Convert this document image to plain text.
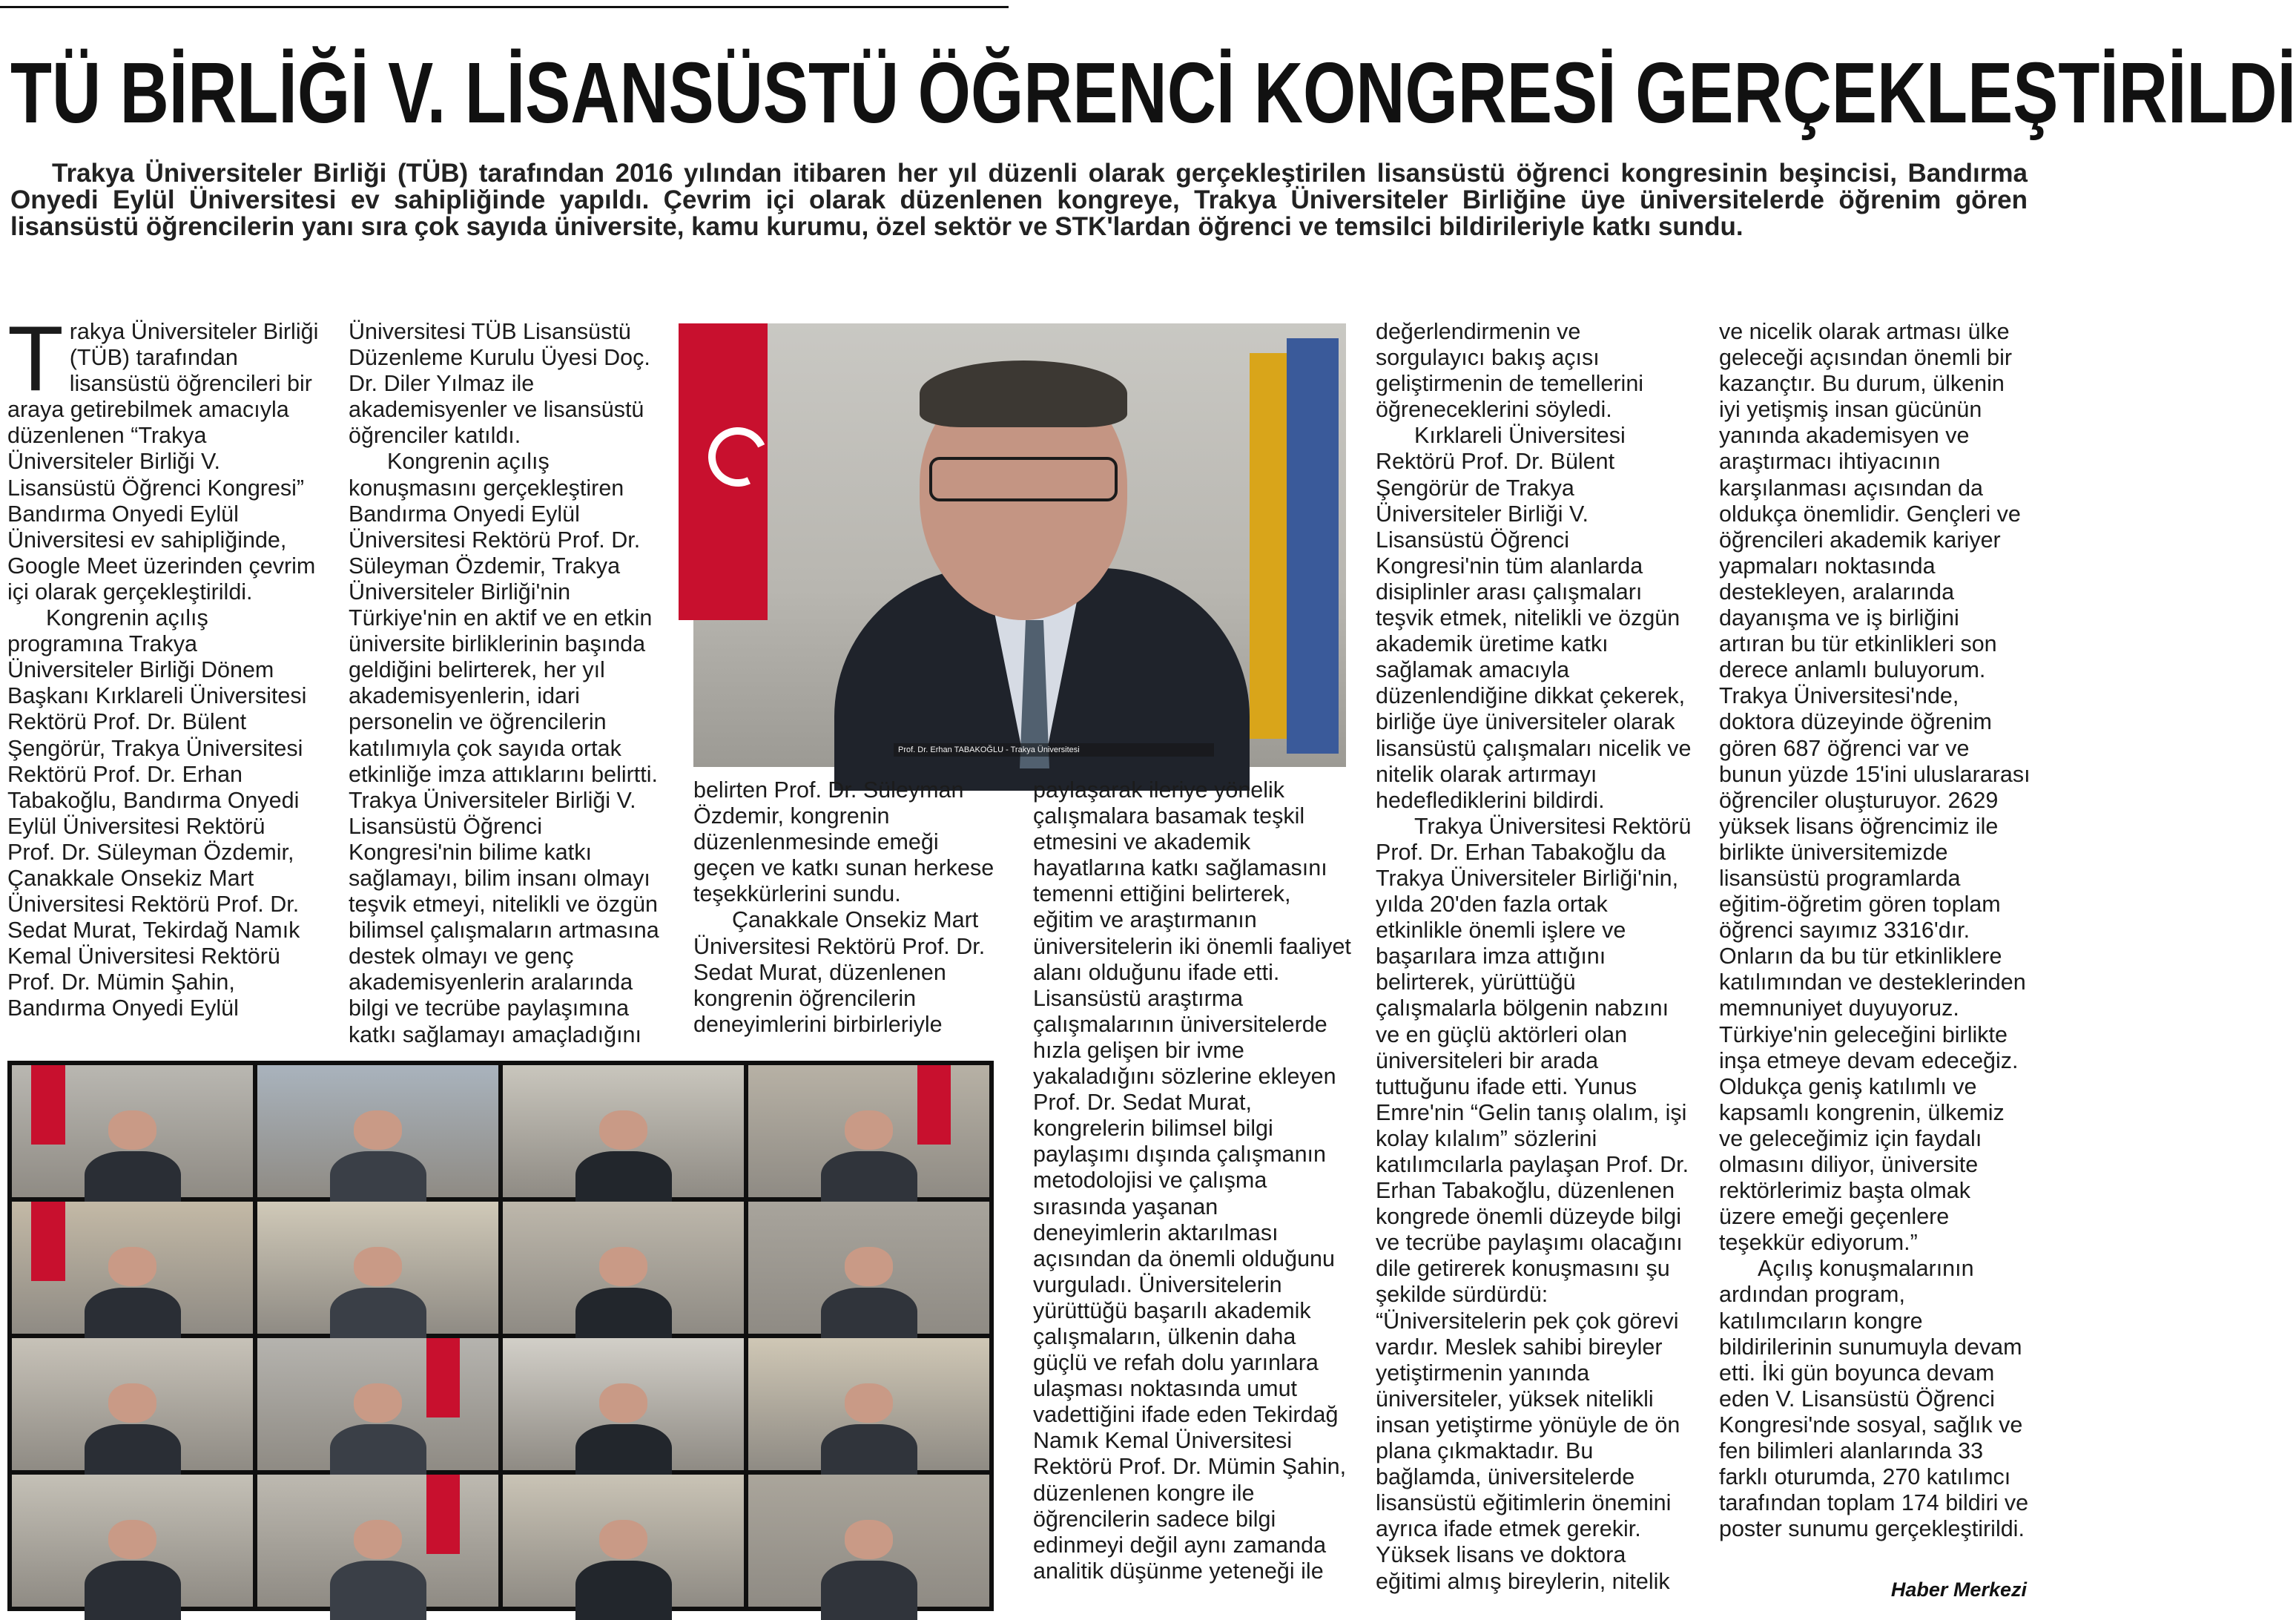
TÜ BİRLİĞİ V. LİSANSÜSTÜ ÖĞRENCİ KONGRESİ GERÇEKLEŞTİRİLDİ

Trakya Üniversiteler Birliği (TÜB) tarafından 2016 yılından itibaren her yıl düzenli olarak gerçekleştirilen lisansüstü öğrenci kongresinin beşincisi, Bandırma Onyedi Eylül Üniversitesi ev sahipliğinde yapıldı. Çevrim içi olarak düzenlenen kongreye, Trakya Üniversiteler Birliğine üye üniversitelerde öğrenim gören lisansüstü öğrencilerin yanı sıra çok sayıda üniversite, kamu kurumu, özel sektör ve STK'lardan öğrenci ve temsilci bildirileriyle katkı sundu.

Trakya Üniversiteler Birliği (TÜB) tarafından lisansüstü öğrencileri bir araya getirebilmek amacıyla düzenlenen “Trakya Üniversiteler Birliği V. Lisansüstü Öğrenci Kongresi” Bandırma Onyedi Eylül Üniversitesi ev sahipliğinde, Google Meet üzerinden çevrim içi olarak gerçekleştirildi.

Kongrenin açılış programına Trakya Üniversiteler Birliği Dönem Başkanı Kırklareli Üniversitesi Rektörü Prof. Dr. Bülent Şengörür, Trakya Üniversitesi Rektörü Prof. Dr. Erhan Tabakoğlu, Bandırma Onyedi Eylül Üniversitesi Rektörü Prof. Dr. Süleyman Özdemir, Çanakkale Onsekiz Mart Üniversitesi Rektörü Prof. Dr. Sedat Murat, Tekirdağ Namık Kemal Üniversitesi Rektörü Prof. Dr. Mümin Şahin, Bandırma Onyedi Eylül

Üniversitesi TÜB Lisansüstü Düzenleme Kurulu Üyesi Doç. Dr. Diler Yılmaz ile akademisyenler ve lisansüstü öğrenciler katıldı.

Kongrenin açılış konuşmasını gerçekleştiren Bandırma Onyedi Eylül Üniversitesi Rektörü Prof. Dr. Süleyman Özdemir, Trakya Üniversiteler Birliği'nin Türkiye'nin en aktif ve en etkin üniversite birliklerinin başında geldiğini belirterek, her yıl akademisyenlerin, idari personelin ve öğrencilerin katılımıyla çok sayıda ortak etkinliğe imza attıklarını belirtti. Trakya Üniversiteler Birliği V. Lisansüstü Öğrenci Kongresi'nin bilime katkı sağlamayı, bilim insanı olmayı teşvik etmeyi, nitelikli ve özgün bilimsel çalışmaların artmasına destek olmayı ve genç akademisyenlerin aralarında bilgi ve tecrübe paylaşımına katkı sağlamayı amaçladığını

Prof. Dr. Erhan TABAKOĞLU - Trakya Üniversitesi

belirten Prof. Dr. Süleyman Özdemir, kongrenin düzenlenmesinde emeği geçen ve katkı sunan herkese teşekkürlerini sundu.

Çanakkale Onsekiz Mart Üniversitesi Rektörü Prof. Dr. Sedat Murat, düzenlenen kongrenin öğrencilerin deneyimlerini birbirleriyle

paylaşarak ileriye yönelik çalışmalara basamak teşkil etmesini ve akademik hayatlarına katkı sağlamasını temenni ettiğini belirterek, eğitim ve araştırmanın üniversitelerin iki önemli faaliyet alanı olduğunu ifade etti. Lisansüstü araştırma çalışmalarının üniversitelerde hızla gelişen bir ivme yakaladığını sözlerine ekleyen Prof. Dr. Sedat Murat, kongrelerin bilimsel bilgi paylaşımı dışında çalışmanın metodolojisi ve çalışma sırasında yaşanan deneyimlerin aktarılması açısından da önemli olduğunu vurguladı. Üniversitelerin yürüttüğü başarılı akademik çalışmaların, ülkenin daha güçlü ve refah dolu yarınlara ulaşması noktasında umut vadettiğini ifade eden Tekirdağ Namık Kemal Üniversitesi Rektörü Prof. Dr. Mümin Şahin, düzenlenen kongre ile öğrencilerin sadece bilgi edinmeyi değil aynı zamanda analitik düşünme yeteneği ile

değerlendirmenin ve sorgulayıcı bakış açısı geliştirmenin de temellerini öğreneceklerini söyledi.

Kırklareli Üniversitesi Rektörü Prof. Dr. Bülent Şengörür de Trakya Üniversiteler Birliği V. Lisansüstü Öğrenci Kongresi'nin tüm alanlarda disiplinler arası çalışmaları teşvik etmek, nitelikli ve özgün akademik üretime katkı sağlamak amacıyla düzenlendiğine dikkat çekerek, birliğe üye üniversiteler olarak lisansüstü çalışmaları nicelik ve nitelik olarak artırmayı hedeflediklerini bildirdi.

Trakya Üniversitesi Rektörü Prof. Dr. Erhan Tabakoğlu da Trakya Üniversiteler Birliği'nin, yılda 20'den fazla ortak etkinlikle önemli işlere ve başarılara imza attığını belirterek, yürüttüğü çalışmalarla bölgenin nabzını ve en güçlü aktörleri olan üniversiteleri bir arada tuttuğunu ifade etti. Yunus Emre'nin “Gelin tanış olalım, işi kolay kılalım” sözlerini katılımcılarla paylaşan Prof. Dr. Erhan Tabakoğlu, düzenlenen kongrede önemli düzeyde bilgi ve tecrübe paylaşımı olacağını dile getirerek konuşmasını şu şekilde sürdürdü:

“Üniversitelerin pek çok görevi vardır. Meslek sahibi bireyler yetiştirmenin yanında üniversiteler, yüksek nitelikli insan yetiştirme yönüyle de ön plana çıkmaktadır. Bu bağlamda, üniversitelerde lisansüstü eğitimlerin önemini ayrıca ifade etmek gerekir. Yüksek lisans ve doktora eğitimi almış bireylerin, nitelik

ve nicelik olarak artması ülke geleceği açısından önemli bir kazançtır. Bu durum, ülkenin iyi yetişmiş insan gücünün yanında akademisyen ve araştırmacı ihtiyacının karşılanması açısından da oldukça önemlidir. Gençleri ve öğrencileri akademik kariyer yapmaları noktasında destekleyen, aralarında dayanışma ve iş birliğini artıran bu tür etkinlikleri son derece anlamlı buluyorum. Trakya Üniversitesi'nde, doktora düzeyinde öğrenim gören 687 öğrenci var ve bunun yüzde 15'ini uluslararası öğrenciler oluşturuyor. 2629 yüksek lisans öğrencimiz ile birlikte üniversitemizde lisansüstü programlarda eğitim-öğretim gören toplam öğrenci sayımız 3316'dır. Onların da bu tür etkinliklere katılımından ve desteklerinden memnuniyet duyuyoruz. Türkiye'nin geleceğini birlikte inşa etmeye devam edeceğiz. Oldukça geniş katılımlı ve kapsamlı kongrenin, ülkemiz ve geleceğimiz için faydalı olmasını diliyor, üniversite rektörlerimiz başta olmak üzere emeği geçenlere teşekkür ediyorum.”

Açılış konuşmalarının ardından program, katılımcıların kongre bildirilerinin sunumuyla devam etti. İki gün boyunca devam eden V. Lisansüstü Öğrenci Kongresi'nde sosyal, sağlık ve fen bilimleri alanlarında 33 farklı oturumda, 270 katılımcı tarafından toplam 174 bildiri ve poster sunumu gerçekleştirildi.

Haber Merkezi
